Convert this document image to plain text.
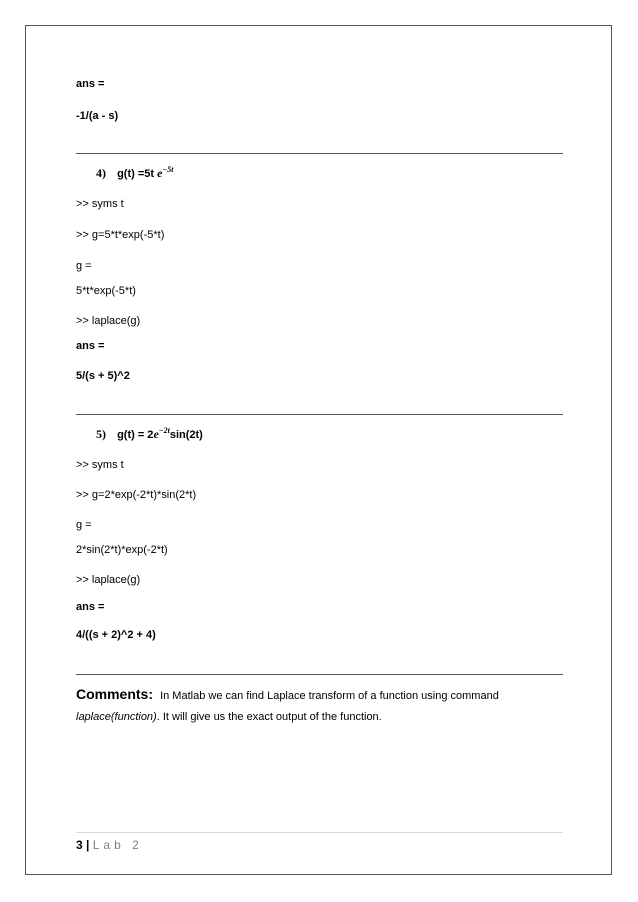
ans =
-1/(a - s)
4) g(t) =5t $e^{-5t}$
>> syms t
>> g=5*t*exp(-5*t)
g =
5*t*exp(-5*t)
>> laplace(g)
ans =
5/(s + 5)^2
5) $g(t) = 2e^{-2t}\sin(2t)$
>> syms t
>> g=2*exp(-2*t)*sin(2*t)
g =
2*sin(2*t)*exp(-2*t)
>> laplace(g)
ans =
4/((s + 2)^2 + 4)
Comments: In Matlab we can find Laplace transform of a function using command
laplace(function). It will give us the exact output of the function.
3 | Lab 2
